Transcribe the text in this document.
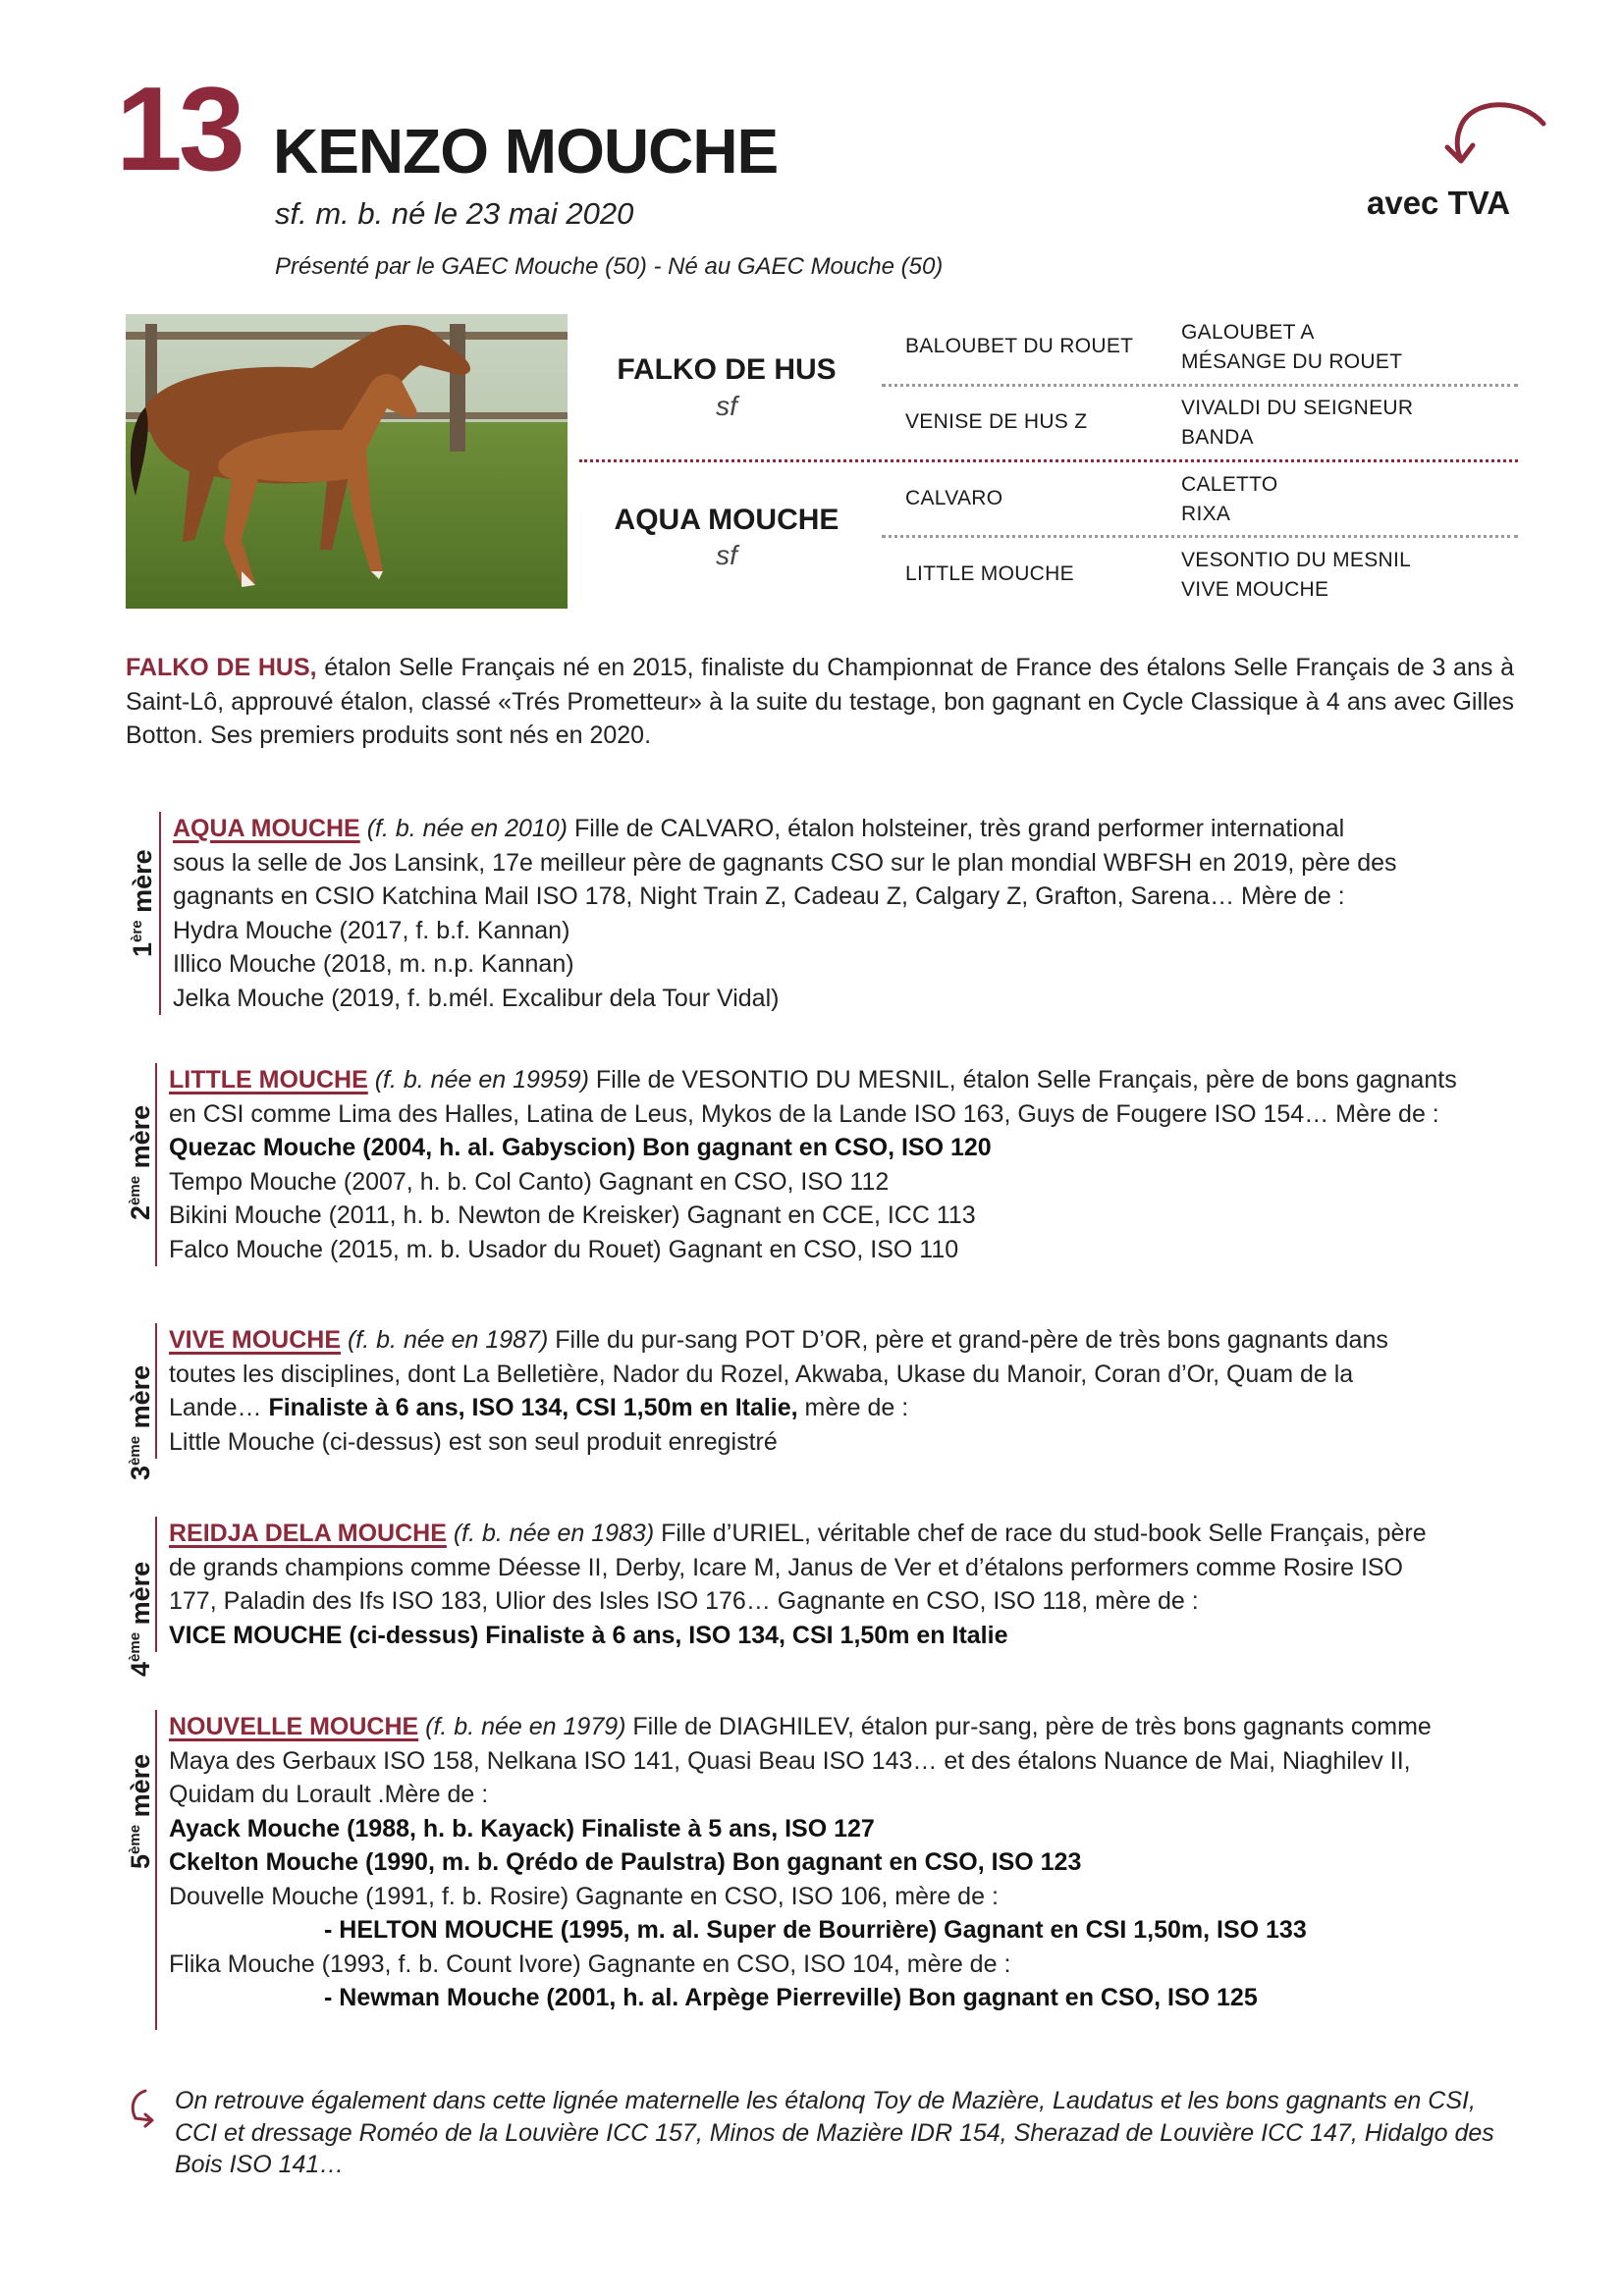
13 KENZO MOUCHE
sf. m. b. né le 23 mai 2020
Présenté par le GAEC Mouche (50) - Né au GAEC Mouche (50)
avec TVA
FALKO DE HUS
sf
AQUA MOUCHE
sf
BALOUBET DU ROUET
VENISE DE HUS Z
CALVARO
LITTLE MOUCHE
GALOUBET A
MÉSANGE DU ROUET
VIVALDI DU SEIGNEUR
BANDA
CALETTO
RIXA
VESONTIO DU MESNIL
VIVE MOUCHE
FALKO DE HUS, étalon Selle Français né en 2015, finaliste du Championnat de France des étalons Selle Français de 3 ans à Saint-Lô, approuvé étalon, classé «Trés Prometteur» à la suite du testage, bon gagnant en Cycle Classique à 4 ans avec Gilles Botton. Ses premiers produits sont nés en 2020.
1ère mère
AQUA MOUCHE (f. b. née en 2010) Fille de CALVARO, étalon holsteiner, très grand performer international
sous la selle de Jos Lansink, 17e meilleur père de gagnants CSO sur le plan mondial WBFSH en 2019, père des
gagnants en CSIO Katchina Mail ISO 178, Night Train Z, Cadeau Z, Calgary Z, Grafton, Sarena… Mère de :
Hydra Mouche (2017, f. b.f. Kannan)
Illico Mouche (2018, m. n.p. Kannan)
Jelka Mouche (2019, f. b.mél. Excalibur dela Tour Vidal)
2ème mère
LITTLE MOUCHE (f. b. née en 19959) Fille de VESONTIO DU MESNIL, étalon Selle Français, père de bons gagnants
en CSI comme Lima des Halles, Latina de Leus, Mykos de la Lande ISO 163, Guys de Fougere ISO 154… Mère de :
Quezac Mouche (2004, h. al. Gabyscion) Bon gagnant en CSO, ISO 120
Tempo Mouche (2007, h. b. Col Canto) Gagnant en CSO, ISO 112
Bikini Mouche (2011, h. b. Newton de Kreisker) Gagnant en CCE, ICC 113
Falco Mouche (2015, m. b. Usador du Rouet) Gagnant en CSO, ISO 110
3ème mère
VIVE MOUCHE (f. b. née en 1987) Fille du pur-sang POT D’OR, père et grand-père de très bons gagnants dans
toutes les disciplines, dont La Belletière, Nador du Rozel, Akwaba, Ukase du Manoir, Coran d’Or, Quam de la
Lande… Finaliste à 6 ans, ISO 134, CSI 1,50m en Italie, mère de :
Little Mouche (ci-dessus) est son seul produit enregistré
4ème mère
REIDJA DELA MOUCHE (f. b. née en 1983) Fille d’URIEL, véritable chef de race du stud-book Selle Français, père
de grands champions comme Déesse II, Derby, Icare M, Janus de Ver et d’étalons performers comme Rosire ISO
177, Paladin des Ifs ISO 183, Ulior des Isles ISO 176… Gagnante en CSO, ISO 118, mère de :
VICE MOUCHE (ci-dessus) Finaliste à 6 ans, ISO 134, CSI 1,50m en Italie
5ème mère
NOUVELLE MOUCHE (f. b. née en 1979) Fille de DIAGHILEV, étalon pur-sang, père de très bons gagnants comme
Maya des Gerbaux ISO 158, Nelkana ISO 141, Quasi Beau ISO 143… et des étalons Nuance de Mai, Niaghilev II,
Quidam du Lorault .Mère de :
Ayack Mouche (1988, h. b. Kayack) Finaliste à 5 ans, ISO 127
Ckelton Mouche (1990, m. b. Qrédo de Paulstra) Bon gagnant en CSO, ISO 123
Douvelle Mouche (1991, f. b. Rosire) Gagnante en CSO, ISO 106, mère de :
- HELTON MOUCHE (1995, m. al. Super de Bourrière) Gagnant en CSI 1,50m, ISO 133
Flika Mouche (1993, f. b. Count Ivore) Gagnante en CSO, ISO 104, mère de :
- Newman Mouche (2001, h. al. Arpège Pierreville) Bon gagnant en CSO, ISO 125
On retrouve également dans cette lignée maternelle les étalonq Toy de Mazière, Laudatus et les bons gagnants en CSI, CCI et dressage Roméo de la Louvière ICC 157, Minos de Mazière IDR 154, Sherazad de Louvière ICC 147, Hidalgo des Bois ISO 141…
